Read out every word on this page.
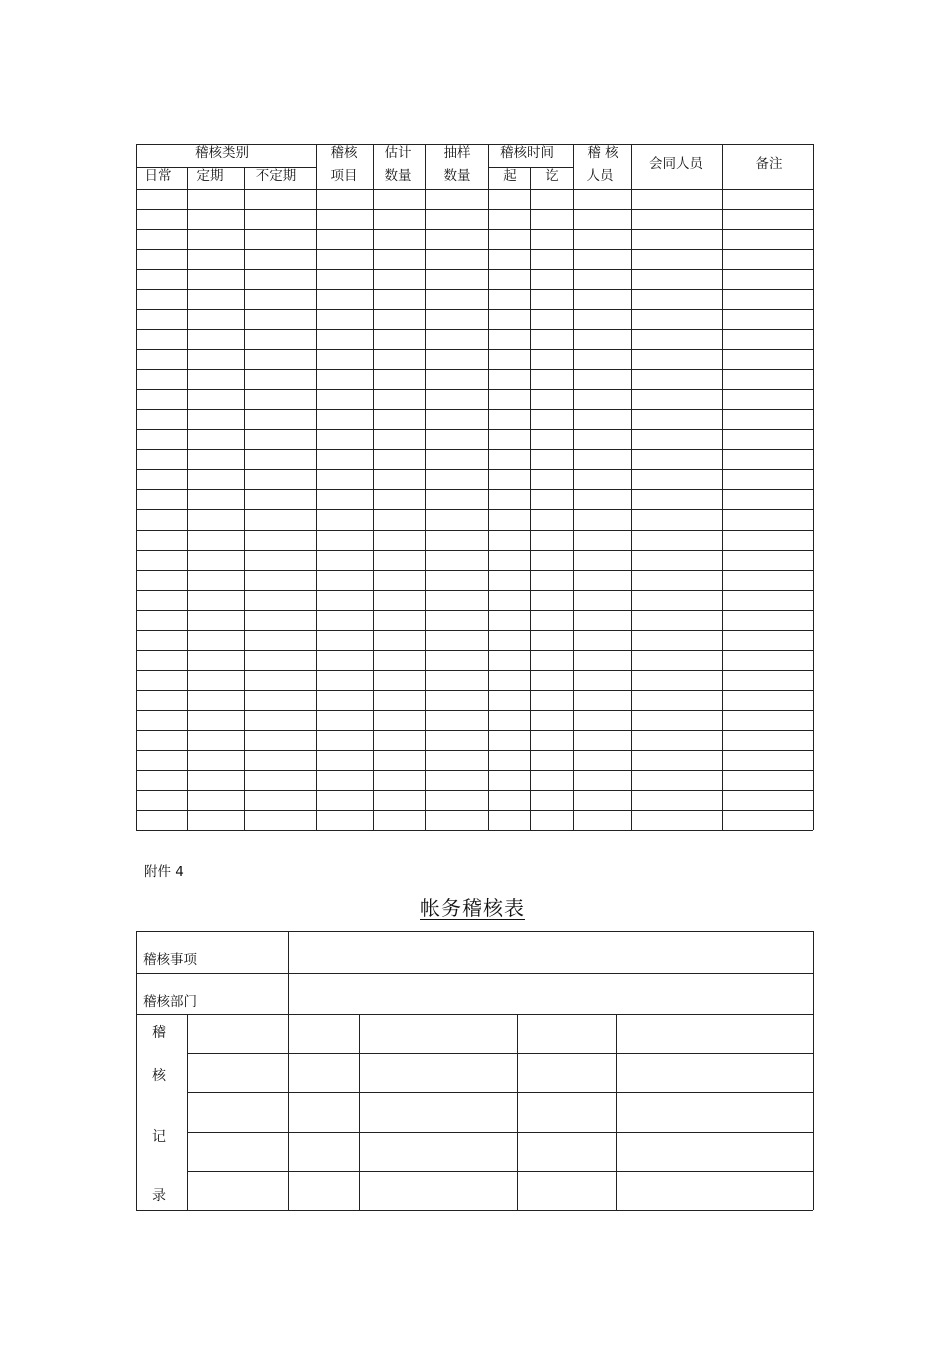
稽核类别
日常 定期 不定期
稽核
项目
估计
数量
抽样
数量
稽核时间
起 讫
稽 核
人员
会同人员	备注
附件 4
帐务稽核表
稽核事项
稽核部门
稽
核
记
录
